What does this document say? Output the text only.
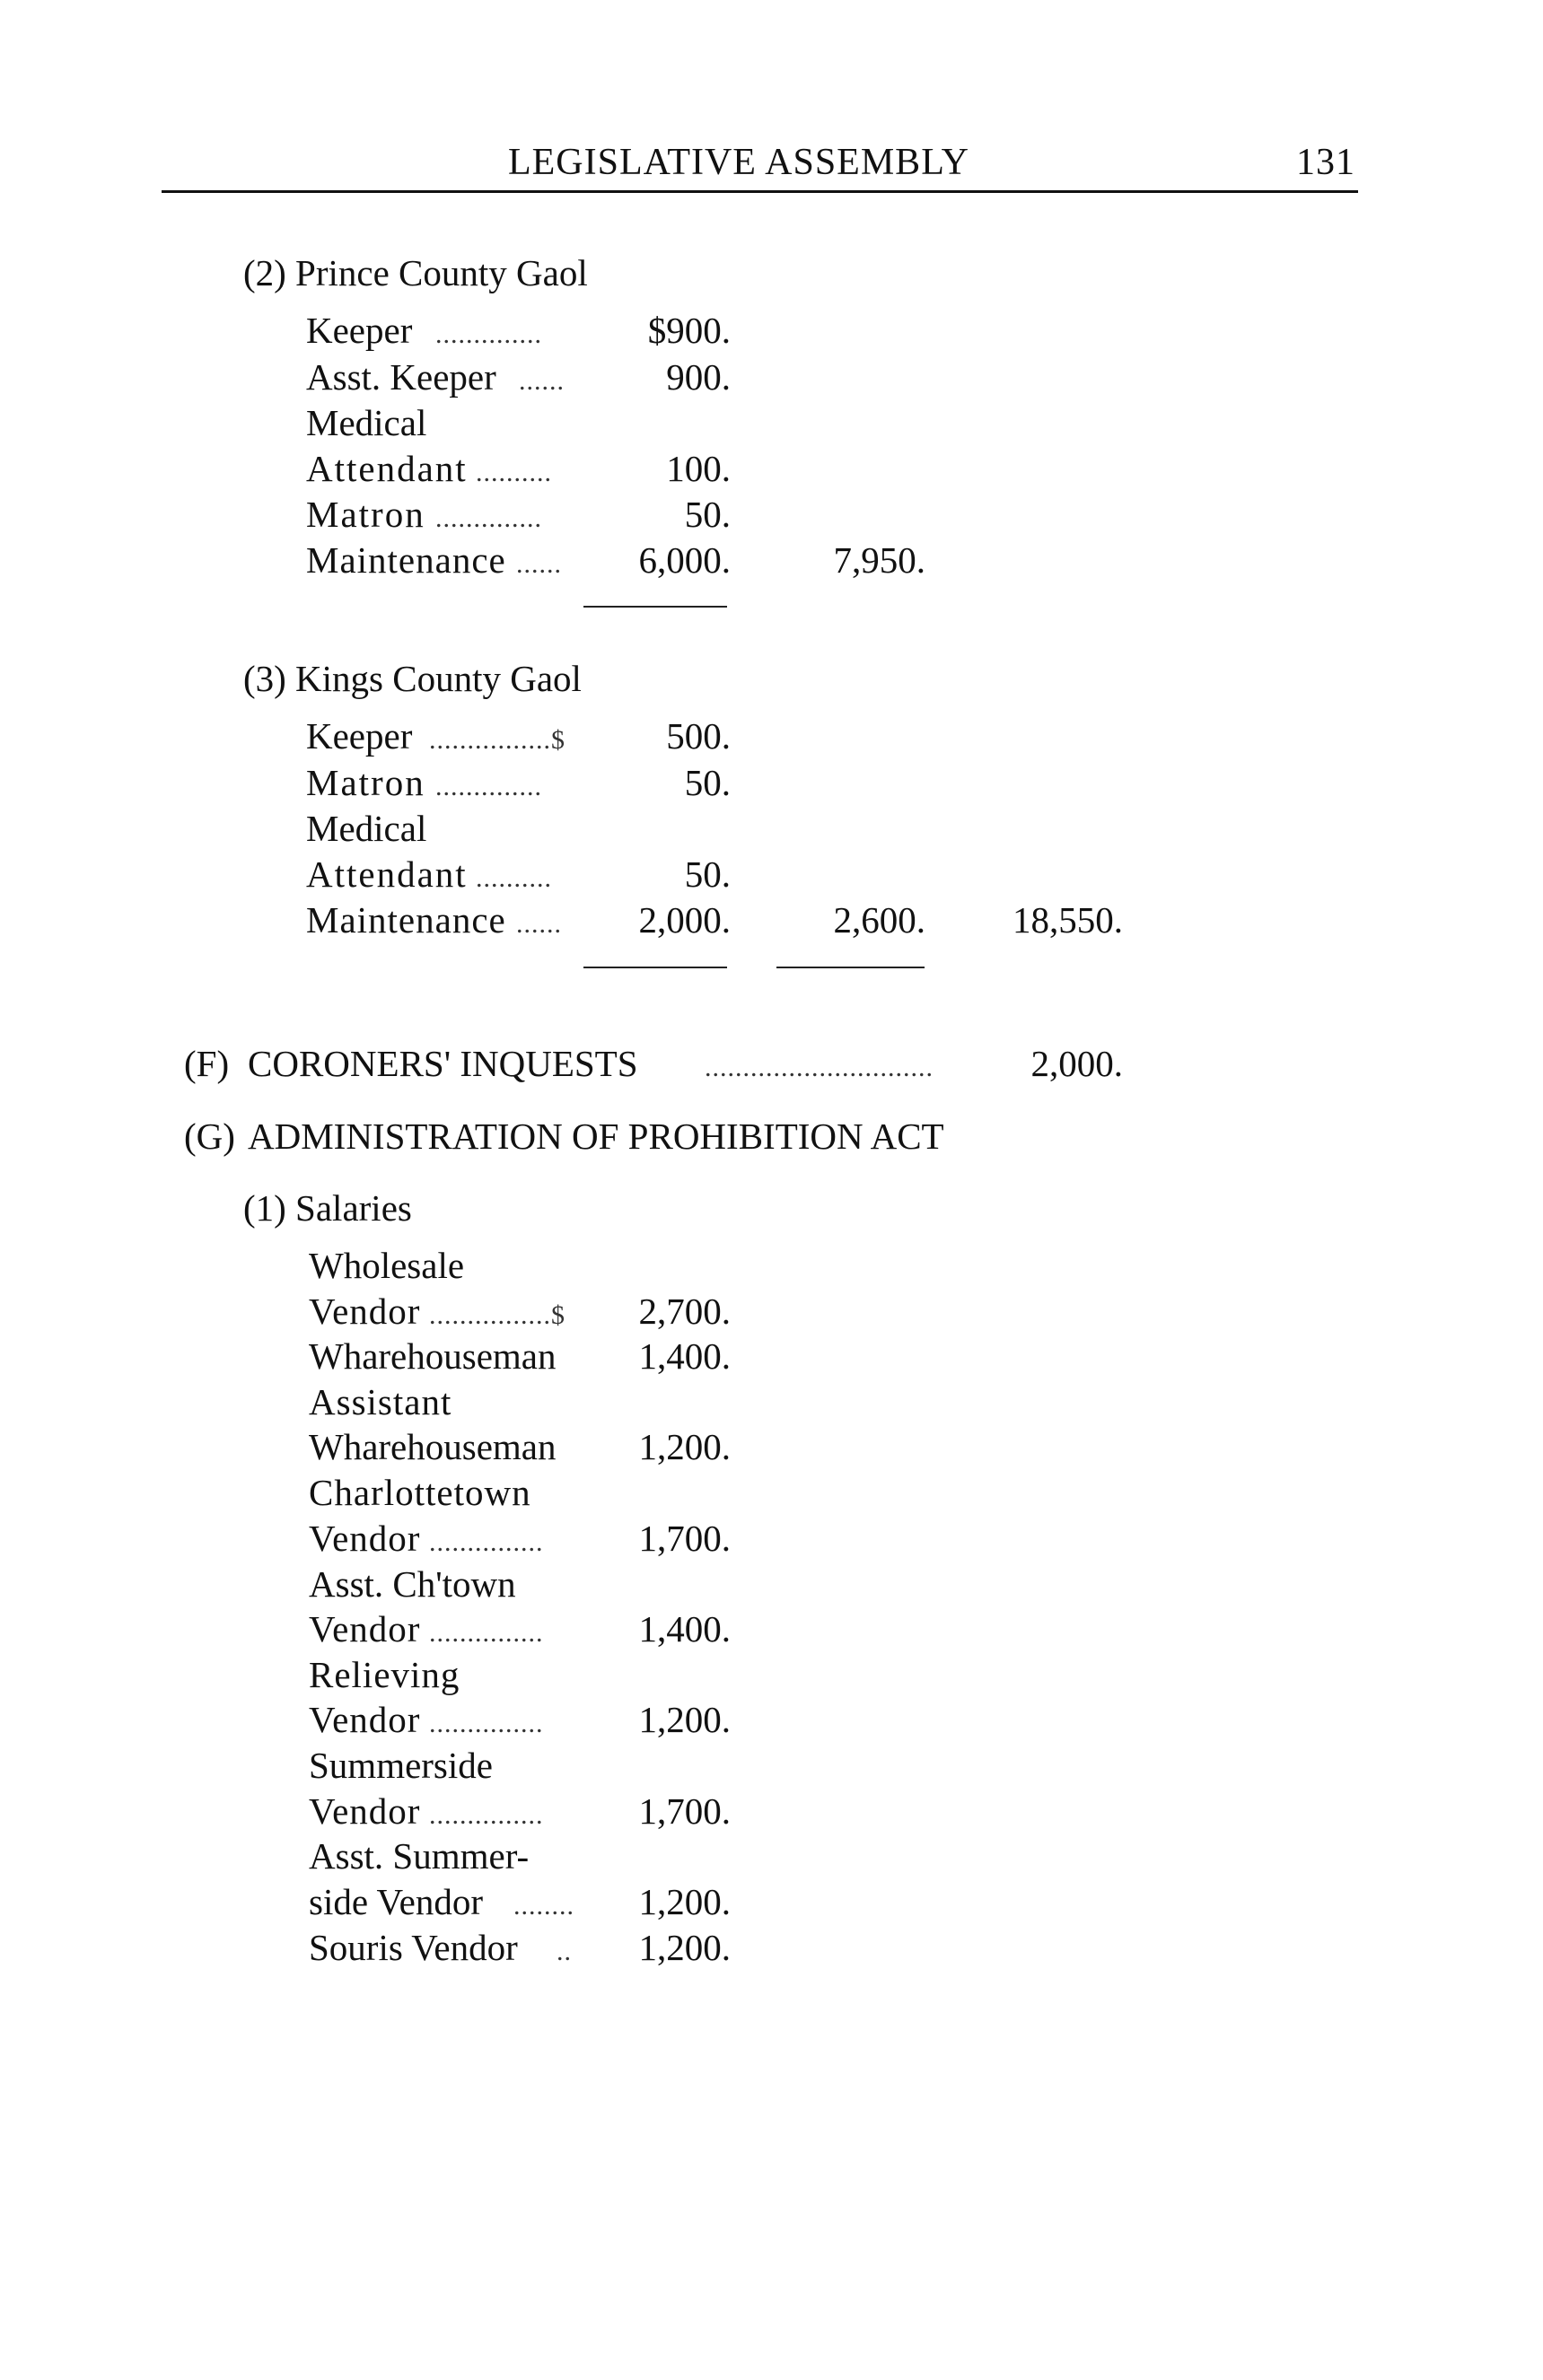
LEGISLATIVE ASSEMBLY	131
(2) Prince County Gaol
Keeper ..............	$900.
Asst. Keeper ......	900.
Medical
Attendant ..........	100.
Matron ..............	50.
Maintenance ...... 6,000.	7,950.
(3) Kings County Gaol
Keeper ................$	500.
Matron ..............	50.
Medical
Attendant ..........	50.
Maintenance ...... 2,000.	2,600. 18,550.
(F) CORONERS' INQUESTS ..............................	2,000.
(G) ADMINISTRATION OF PROHIBITION ACT
(1) Salaries
Wholesale
Vendor ................$ 2,700.
Wharehouseman 1,400.
Assistant
Wharehouseman 1,200.
Charlottetown
Vendor ...............	1,700.
Asst. Ch'town
Vendor ...............	1,400.
Relieving
Vendor ...............	1,200.
Summerside
Vendor ...............	1,700.
Asst. Summer-
side Vendor ........ 1,200.
Souris Vendor .. 1,200.
